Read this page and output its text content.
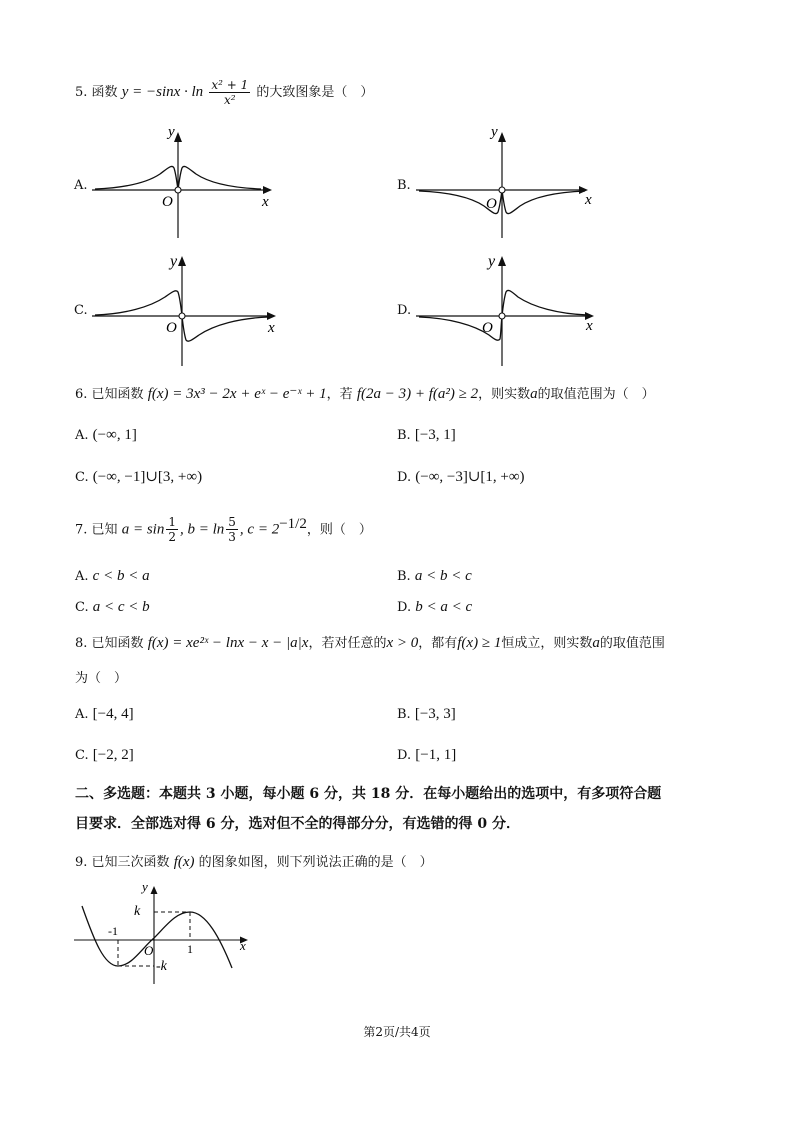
5. 函数 $y = -\sin x \cdot \ln \frac{\text{x² + 1}}{\text{x²}}$ 的大致图象是（　）
A.
y
x
O
B.
y
x
O
C.
y
x
O
D.
y
x
O
6. 已知函数 f(x) = 3x³ − 2x + eˣ − e⁻ˣ + 1，若 f(2a − 3) + f(a²) ≥ 2，则实数a的取值范围为（　）
A. (−∞, 1]	B. [−3, 1]
C. (−∞, −1]∪[3, +∞)	D. (−∞, −3]∪[1, +∞)
7. 已知 $a = \sin \frac{1}{2}$ , $b = \ln \frac{5}{3}$ , $c = 2^{-1/2}$，则（　）
A. c < b < a	B. a < b < c
C. a < c < b	D. b < a < c
8. 已知函数 f(x) = xe²ˣ − lnx − x − |a|x，若对任意的x > 0，都有f(x) ≥ 1恒成立，则实数a的取值范围
为（　）
A. [−4, 4]	B. [−3, 3]
C. [−2, 2]	D. [−1, 1]
二、多选题：本题共 3 小题，每小题 6 分，共 18 分．在每小题给出的选项中，有多项符合题
目要求．全部选对得 6 分，选对但不全的得部分分，有选错的得 0 分．
9. 已知三次函数 f(x) 的图象如图，则下列说法正确的是（　）
y
x
k
-k
-1
1
O
第2页/共4页
